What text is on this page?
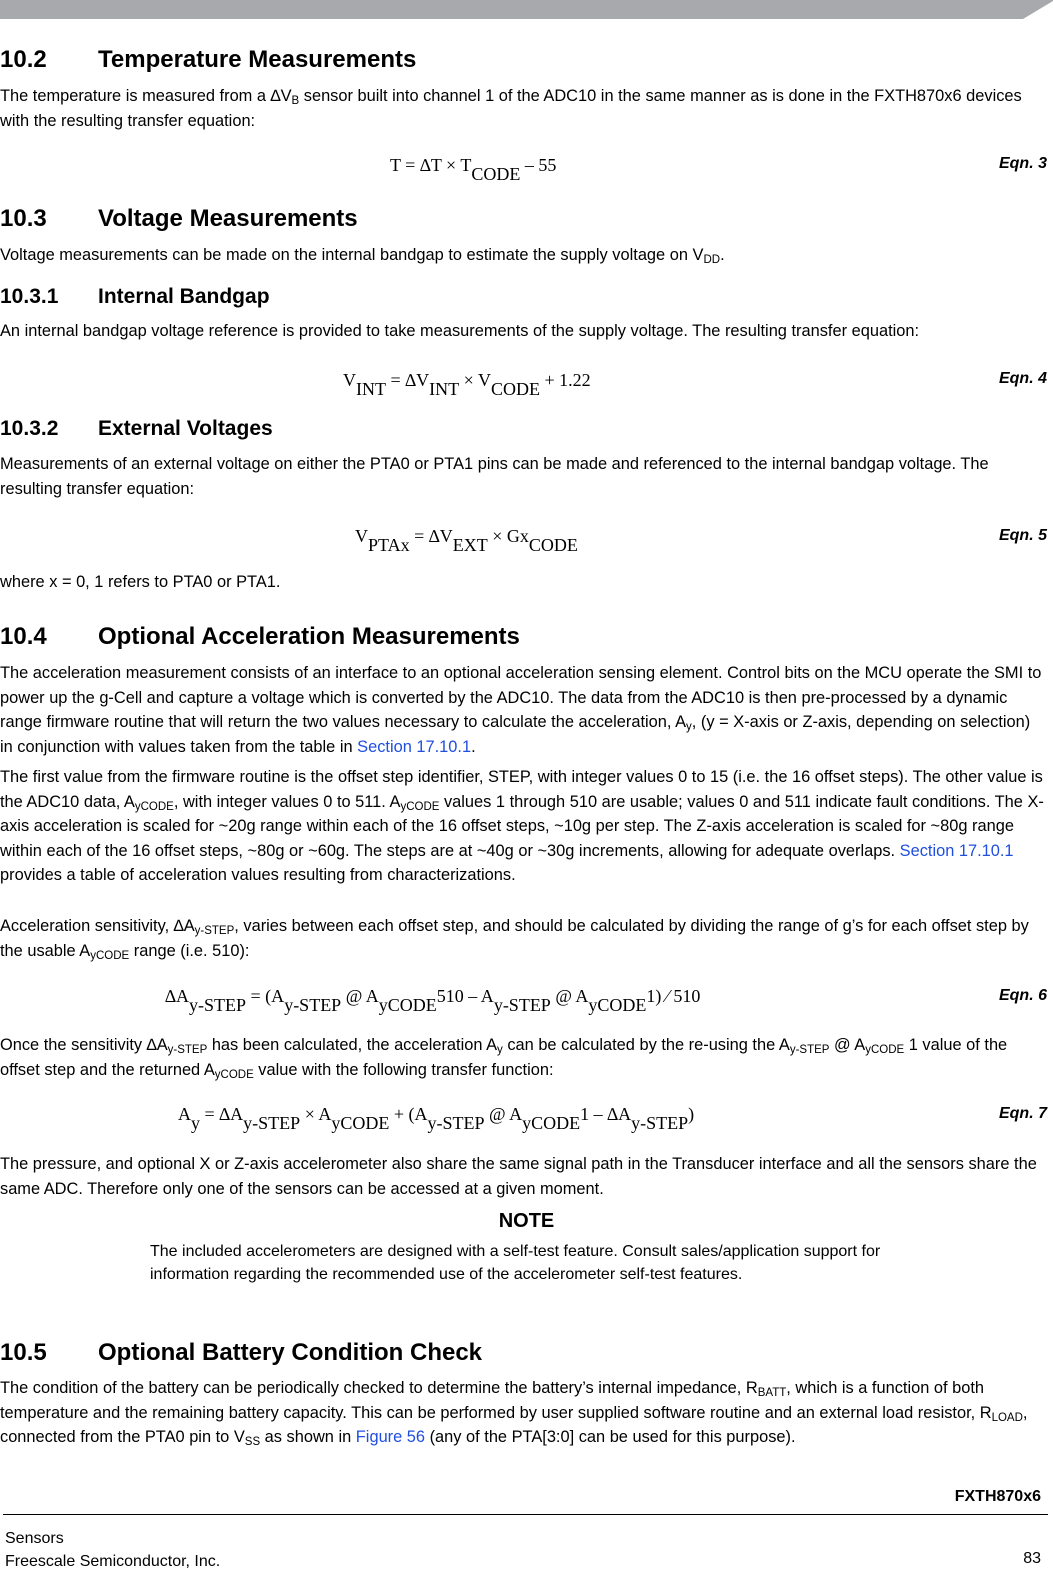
10.2 Temperature Measurements
The temperature is measured from a $\Delta V_B$ sensor built into channel 1 of the ADC10 in the same manner as is done in the FXTH870x6 devices with the resulting transfer equation:
$T = \Delta T \times T_{CODE} - 55$	Eqn. 3
10.3 Voltage Measurements
Voltage measurements can be made on the internal bandgap to estimate the supply voltage on $V_{DD}$.
10.3.1 Internal Bandgap
An internal bandgap voltage reference is provided to take measurements of the supply voltage. The resulting transfer equation:
$V_{INT} = \Delta V_{INT} \times V_{CODE} + 1.22$	Eqn. 4
10.3.2 External Voltages
Measurements of an external voltage on either the PTA0 or PTA1 pins can be made and referenced to the internal bandgap voltage. The resulting transfer equation:
$V_{PTAx} = \Delta V_{EXT} \times Gx_{CODE}$	Eqn. 5
where x = 0, 1 refers to PTA0 or PTA1.
10.4 Optional Acceleration Measurements
The acceleration measurement consists of an interface to an optional acceleration sensing element. Control bits on the MCU operate the SMI to power up the g-Cell and capture a voltage which is converted by the ADC10. The data from the ADC10 is then pre-processed by a dynamic range firmware routine that will return the two values necessary to calculate the acceleration, $A_y$, (y = X-axis or Z-axis, depending on selection) in conjunction with values taken from the table in Section 17.10.1.
The first value from the firmware routine is the offset step identifier, STEP, with integer values 0 to 15 (i.e. the 16 offset steps). The other value is the ADC10 data, $A_{yCODE}$, with integer values 0 to 511. $A_{yCODE}$ values 1 through 510 are usable; values 0 and 511 indicate fault conditions. The X-axis acceleration is scaled for ~20g range within each of the 16 offset steps, ~10g per step. The Z-axis acceleration is scaled for ~80g range within each of the 16 offset steps, ~80g or ~60g. The steps are at ~40g or ~30g increments, allowing for adequate overlaps. Section 17.10.1 provides a table of acceleration values resulting from characterizations.
Acceleration sensitivity, $\Delta A_{y-STEP}$, varies between each offset step, and should be calculated by dividing the range of g’s for each offset step by the usable $A_{yCODE}$ range (i.e. 510):
$\Delta A_{y-STEP} = (A_{y-STEP}$ @ $A_{yCODE}510 - A_{y-STEP}$ @ $A_{yCODE}1$) ⁄ 510	Eqn. 6
Once the sensitivity $\Delta A_{y-STEP}$ has been calculated, the acceleration $A_y$ can be calculated by the re-using the $A_{y-STEP}$ @ $A_{yCODE}$ 1 value of the offset step and the returned $A_{yCODE}$ value with the following transfer function:
$A_y = \Delta A_{y-STEP} \times A_{yCODE} + (A_{y-STEP}$ @ $A_{yCODE}1 - \Delta A_{y-STEP}$)	Eqn. 7
The pressure, and optional X or Z-axis accelerometer also share the same signal path in the Transducer interface and all the sensors share the same ADC. Therefore only one of the sensors can be accessed at a given moment.
NOTE
The included accelerometers are designed with a self-test feature. Consult sales/application support for information regarding the recommended use of the accelerometer self-test features.
10.5 Optional Battery Condition Check
The condition of the battery can be periodically checked to determine the battery’s internal impedance, $R_{BATT}$, which is a function of both temperature and the remaining battery capacity. This can be performed by user supplied software routine and an external load resistor, $R_{LOAD}$, connected from the PTA0 pin to $V_{SS}$ as shown in Figure 56 (any of the PTA[3:0] can be used for this purpose).
FXTH870x6
Sensors
Freescale Semiconductor, Inc.	83
